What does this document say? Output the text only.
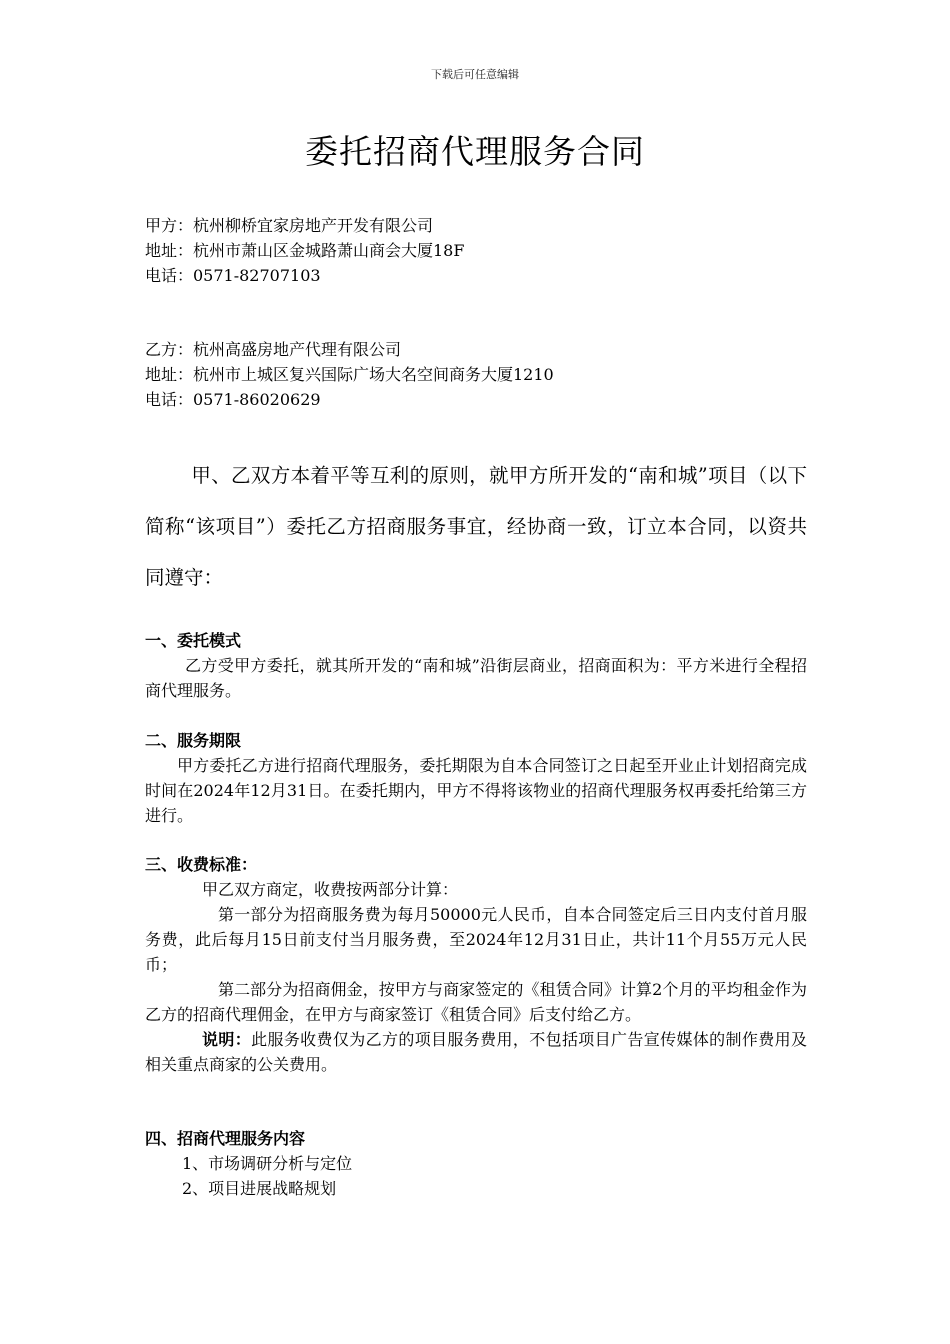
下载后可任意编辑
委托招商代理服务合同
甲方：杭州柳桥宜家房地产开发有限公司
地址：杭州市萧山区金城路萧山商会大厦18F
电话：0571-82707103
乙方：杭州高盛房地产代理有限公司
地址：杭州市上城区复兴国际广场大名空间商务大厦1210
电话：0571-86020629
甲、乙双方本着平等互利的原则，就甲方所开发的“南和城”项目（以下简称“该项目”）委托乙方招商服务事宜，经协商一致，订立本合同，以资共同遵守：
一、委托模式
乙方受甲方委托，就其所开发的“南和城”沿街层商业，招商面积为：平方米进行全程招商代理服务。
二、服务期限
甲方委托乙方进行招商代理服务，委托期限为自本合同签订之日起至开业止计划招商完成时间在2024年12月31日。在委托期内，甲方不得将该物业的招商代理服务权再委托给第三方进行。
三、收费标准：
甲乙双方商定，收费按两部分计算：
第一部分为招商服务费为每月50000元人民币，自本合同签定后三日内支付首月服务费，此后每月15日前支付当月服务费，至2024年12月31日止，共计11个月55万元人民币；
第二部分为招商佣金，按甲方与商家签定的《租赁合同》计算2个月的平均租金作为乙方的招商代理佣金，在甲方与商家签订《租赁合同》后支付给乙方。
说明：此服务收费仅为乙方的项目服务费用，不包括项目广告宣传媒体的制作费用及相关重点商家的公关费用。
四、招商代理服务内容
1、市场调研分析与定位
2、项目进展战略规划
